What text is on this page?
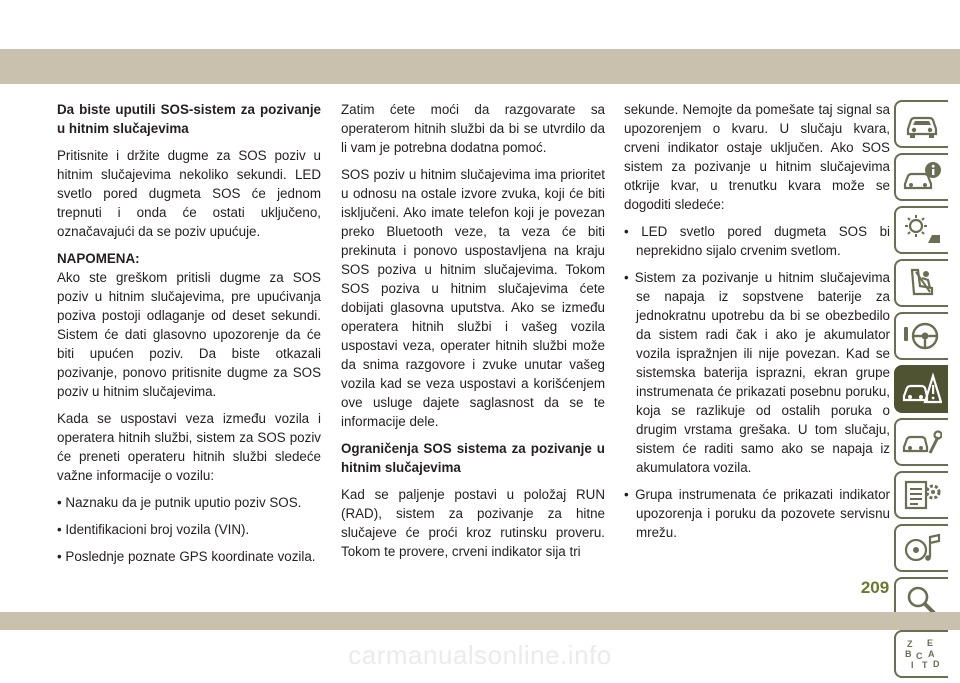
Da biste uputili SOS-sistem za pozivanje u hitnim slučajevima

Pritisnite i držite dugme za SOS poziv u hitnim slučajevima nekoliko sekundi. LED svetlo pored dugmeta SOS će jednom trepnuti i onda će ostati uključeno, označavajući da se poziv upućuje.

NAPOMENA:
Ako ste greškom pritisli dugme za SOS poziv u hitnim slučajevima, pre upućivanja poziva postoji odlaganje od deset sekundi. Sistem će dati glasovno upozorenje da će biti upućen poziv. Da biste otkazali pozivanje, ponovo pritisnite dugme za SOS poziv u hitnim slučajevima.

Kada se uspostavi veza između vozila i operatera hitnih službi, sistem za SOS poziv će preneti operateru hitnih službi sledeće važne informacije o vozilu:

• Naznaku da je putnik uputio poziv SOS.

• Identifikacioni broj vozila (VIN).

• Poslednje poznate GPS koordinate vozila.

Zatim ćete moći da razgovarate sa operaterom hitnih službi da bi se utvrdilo da li vam je potrebna dodatna pomoć.

SOS poziv u hitnim slučajevima ima prioritet u odnosu na ostale izvore zvuka, koji će biti isključeni. Ako imate telefon koji je povezan preko Bluetooth veze, ta veza će biti prekinuta i ponovo uspostavljena na kraju SOS poziva u hitnim slučajevima. Tokom SOS poziva u hitnim slučajevima ćete dobijati glasovna uputstva. Ako se između operatera hitnih službi i vašeg vozila uspostavi veza, operater hitnih službi može da snima razgovore i zvuke unutar vašeg vozila kad se veza uspostavi a korišćenjem ove usluge dajete saglasnost da se te informacije dele.

Ograničenja SOS sistema za pozivanje u hitnim slučajevima

Kad se paljenje postavi u položaj RUN (RAD), sistem za pozivanje za hitne slučajeve će proći kroz rutinsku proveru. Tokom te provere, crveni indikator sija tri

sekunde. Nemojte da pomešate taj signal sa upozorenjem o kvaru. U slučaju kvara, crveni indikator ostaje uključen. Ako SOS sistem za pozivanje u hitnim slučajevima otkrije kvar, u trenutku kvara može se dogoditi sledeće:

• LED svetlo pored dugmeta SOS bi neprekidno sijalo crvenim svetlom.

• Sistem za pozivanje u hitnim slučajevima se napaja iz sopstvene baterije za jednokratnu upotrebu da bi se obezbedilo da sistem radi čak i ako je akumulator vozila ispražnjen ili nije povezan. Kad se sistemska baterija isprazni, ekran grupe instrumenata će prikazati posebnu poruku, koja se razlikuje od ostalih poruka o drugim vrstama grešaka. U tom slučaju, sistem će raditi samo ako se napaja iz akumulatora vozila.

• Grupa instrumenata će prikazati indikator upozorenja i poruku da pozovete servisnu mrežu.

Z E
B C A
I T D
209
carmanualsonline.info
